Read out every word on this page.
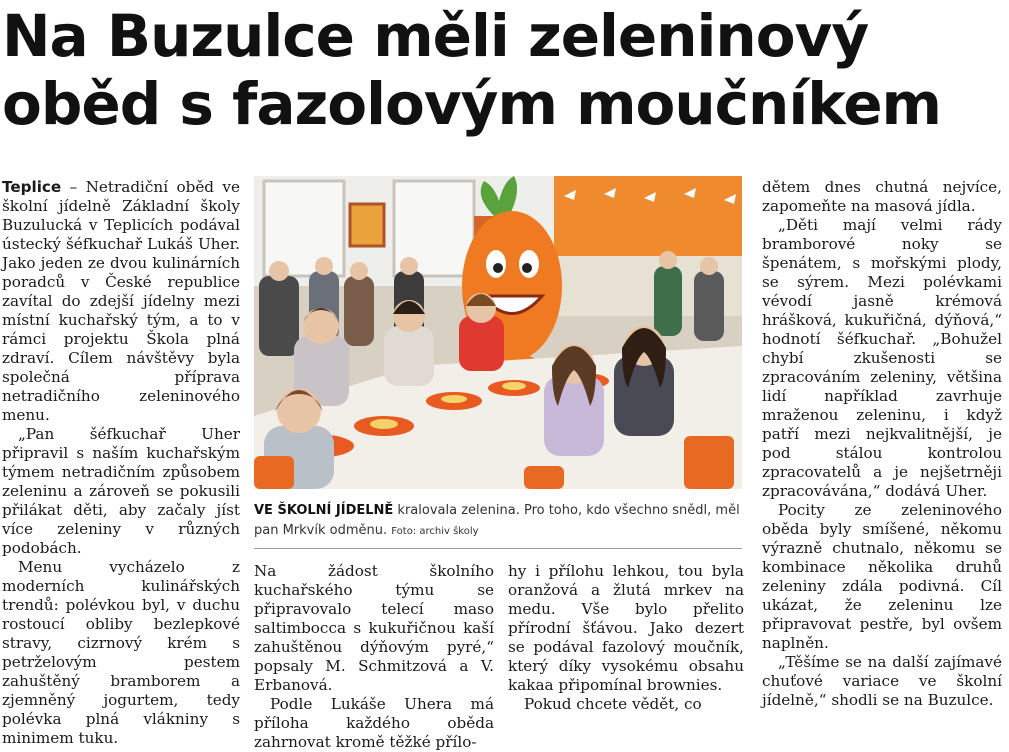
Na Buzulce měli zeleninový
oběd s fazolovým moučníkem

Teplice – Netradiční oběd ve školní jídelně Základní školy Buzulucká v Teplicích podával ústecký šéfkuchař Lukáš Uher. Jako jeden ze dvou kulinárních poradců v České republice zavítal do zdejší jídelny mezi místní kuchařský tým, a to v rámci projektu Škola plná zdraví. Cílem návštěvy byla společná příprava netradičního zeleninového menu.

„Pan šéfkuchař Uher připravil s naším kuchařským týmem netradičním způsobem zeleninu a zároveň se pokusili přilákat děti, aby začaly jíst více zeleniny v různých podobách.

Menu vycházelo z moderních kulinářských trendů: polévkou byl, v duchu rostoucí obliby bezlepkové stravy, cizrnový krém s petrželovým pestem zahuštěný bramborem a zjemněný jogurtem, tedy polévka plná vlákniny s minimem tuku.

VE ŠKOLNÍ JÍDELNĚ kralovala zelenina. Pro toho, kdo všechno snědl, měl pan Mrkvík odměnu. Foto: archiv školy

Na žádost školního kuchařského týmu se připravovalo telecí maso saltimbocca s kukuřičnou kaší zahuštěnou dýňovým pyré,“ popsaly M. Schmitzová a V. Erbanová.

Podle Lukáše Uhera má příloha každého oběda zahrnovat kromě těžké přílo-

hy i přílohu lehkou, tou byla oranžová a žlutá mrkev na medu. Vše bylo přelito přírodní šťávou. Jako dezert se podával fazolový moučník, který díky vysokému obsahu kakaa připomínal brownies.

Pokud chcete vědět, co

dětem dnes chutná nejvíce, zapomeňte na masová jídla.

„Děti mají velmi rády bramborové noky se špenátem, s mořskými plody, se sýrem. Mezi polévkami vévodí jasně krémová hrášková, kukuřičná, dýňová,“ hodnotí šéfkuchař. „Bohužel chybí zkušenosti se zpracováním zeleniny, většina lidí například zavrhuje mraženou zeleninu, i když patří mezi nejkvalitnější, je pod stálou kontrolou zpracovatelů a je nejšetrněji zpracovávána,“ dodává Uher.

Pocity ze zeleninového oběda byly smíšené, někomu výrazně chutnalo, někomu se kombinace několika druhů zeleniny zdála podivná. Cíl ukázat, že zeleninu lze připravovat pestře, byl ovšem naplněn.

„Těšíme se na další zajímavé chuťové variace ve školní jídelně,“ shodli se na Buzulce.
